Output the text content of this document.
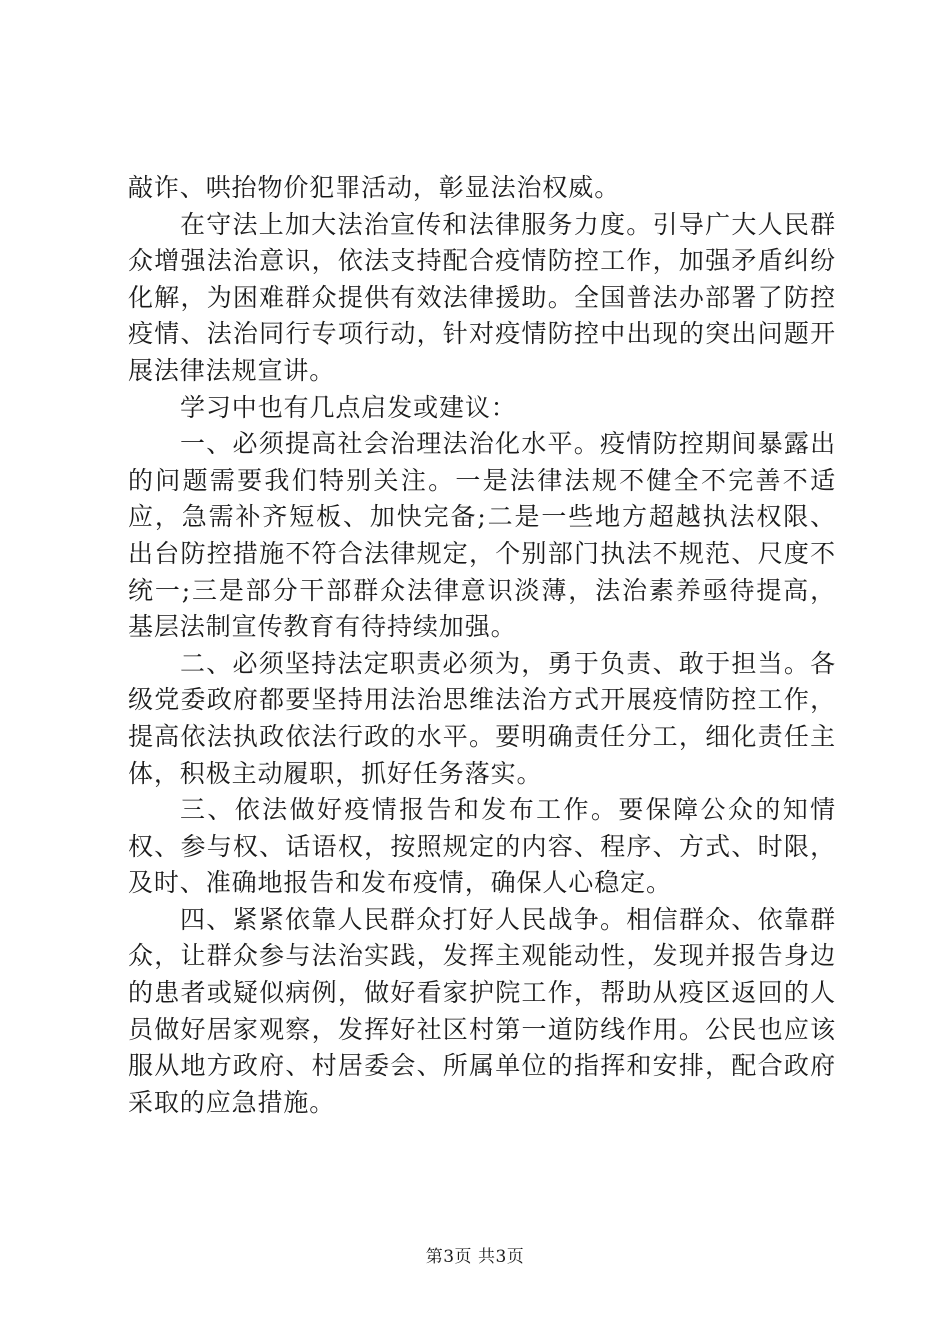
敲诈、哄抬物价犯罪活动，彰显法治权威。

在守法上加大法治宣传和法律服务力度。引导广大人民群众增强法治意识，依法支持配合疫情防控工作，加强矛盾纠纷化解，为困难群众提供有效法律援助。全国普法办部署了防控疫情、法治同行专项行动，针对疫情防控中出现的突出问题开展法律法规宣讲。

学习中也有几点启发或建议：

一、必须提高社会治理法治化水平。疫情防控期间暴露出的问题需要我们特别关注。一是法律法规不健全不完善不适应，急需补齐短板、加快完备;二是一些地方超越执法权限、出台防控措施不符合法律规定，个别部门执法不规范、尺度不统一;三是部分干部群众法律意识淡薄，法治素养亟待提高，基层法制宣传教育有待持续加强。

二、必须坚持法定职责必须为，勇于负责、敢于担当。各级党委政府都要坚持用法治思维法治方式开展疫情防控工作，提高依法执政依法行政的水平。要明确责任分工，细化责任主体，积极主动履职，抓好任务落实。

三、依法做好疫情报告和发布工作。要保障公众的知情权、参与权、话语权，按照规定的内容、程序、方式、时限，及时、准确地报告和发布疫情，确保人心稳定。

四、紧紧依靠人民群众打好人民战争。相信群众、依靠群众，让群众参与法治实践，发挥主观能动性，发现并报告身边的患者或疑似病例，做好看家护院工作，帮助从疫区返回的人员做好居家观察，发挥好社区村第一道防线作用。公民也应该服从地方政府、村居委会、所属单位的指挥和安排，配合政府采取的应急措施。

第3页 共3页
